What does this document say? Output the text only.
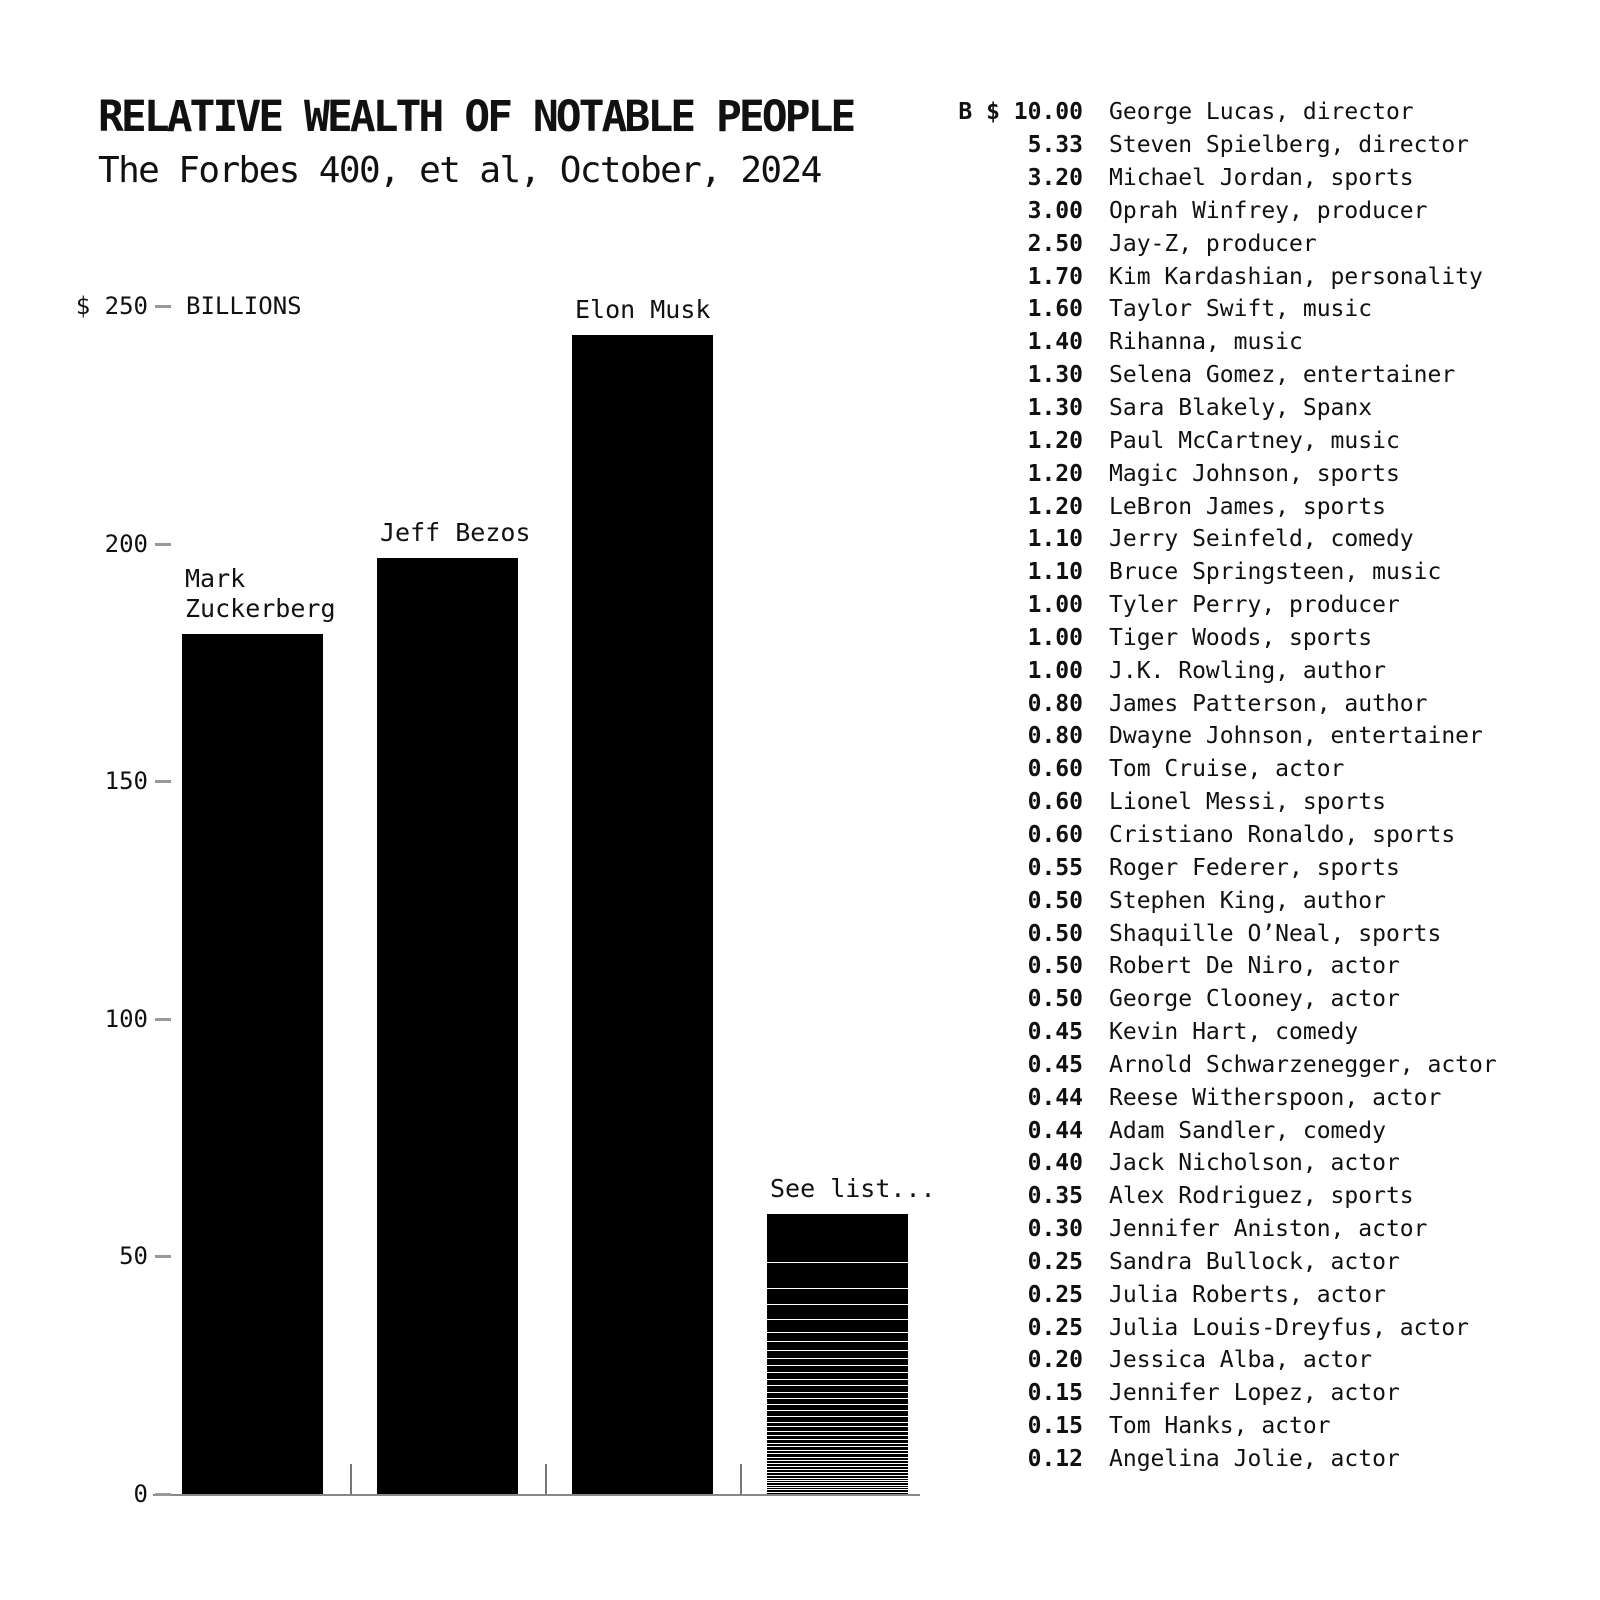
RELATIVE WEALTH OF NOTABLE PEOPLE
The Forbes 400, et al, October, 2024
$ 250 BILLIONS
200
150
100
50
0
Mark
Zuckerberg
Jeff Bezos
Elon Musk
See list...
B $ 10.00 George Lucas, director
5.33 Steven Spielberg, director
3.20 Michael Jordan, sports
3.00 Oprah Winfrey, producer
2.50 Jay-Z, producer
1.70 Kim Kardashian, personality
1.60 Taylor Swift, music
1.40 Rihanna, music
1.30 Selena Gomez, entertainer
1.30 Sara Blakely, Spanx
1.20 Paul McCartney, music
1.20 Magic Johnson, sports
1.20 LeBron James, sports
1.10 Jerry Seinfeld, comedy
1.10 Bruce Springsteen, music
1.00 Tyler Perry, producer
1.00 Tiger Woods, sports
1.00 J.K. Rowling, author
0.80 James Patterson, author
0.80 Dwayne Johnson, entertainer
0.60 Tom Cruise, actor
0.60 Lionel Messi, sports
0.60 Cristiano Ronaldo, sports
0.55 Roger Federer, sports
0.50 Stephen King, author
0.50 Shaquille O’Neal, sports
0.50 Robert De Niro, actor
0.50 George Clooney, actor
0.45 Kevin Hart, comedy
0.45 Arnold Schwarzenegger, actor
0.44 Reese Witherspoon, actor
0.44 Adam Sandler, comedy
0.40 Jack Nicholson, actor
0.35 Alex Rodriguez, sports
0.30 Jennifer Aniston, actor
0.25 Sandra Bullock, actor
0.25 Julia Roberts, actor
0.25 Julia Louis-Dreyfus, actor
0.20 Jessica Alba, actor
0.15 Jennifer Lopez, actor
0.15 Tom Hanks, actor
0.12 Angelina Jolie, actor
